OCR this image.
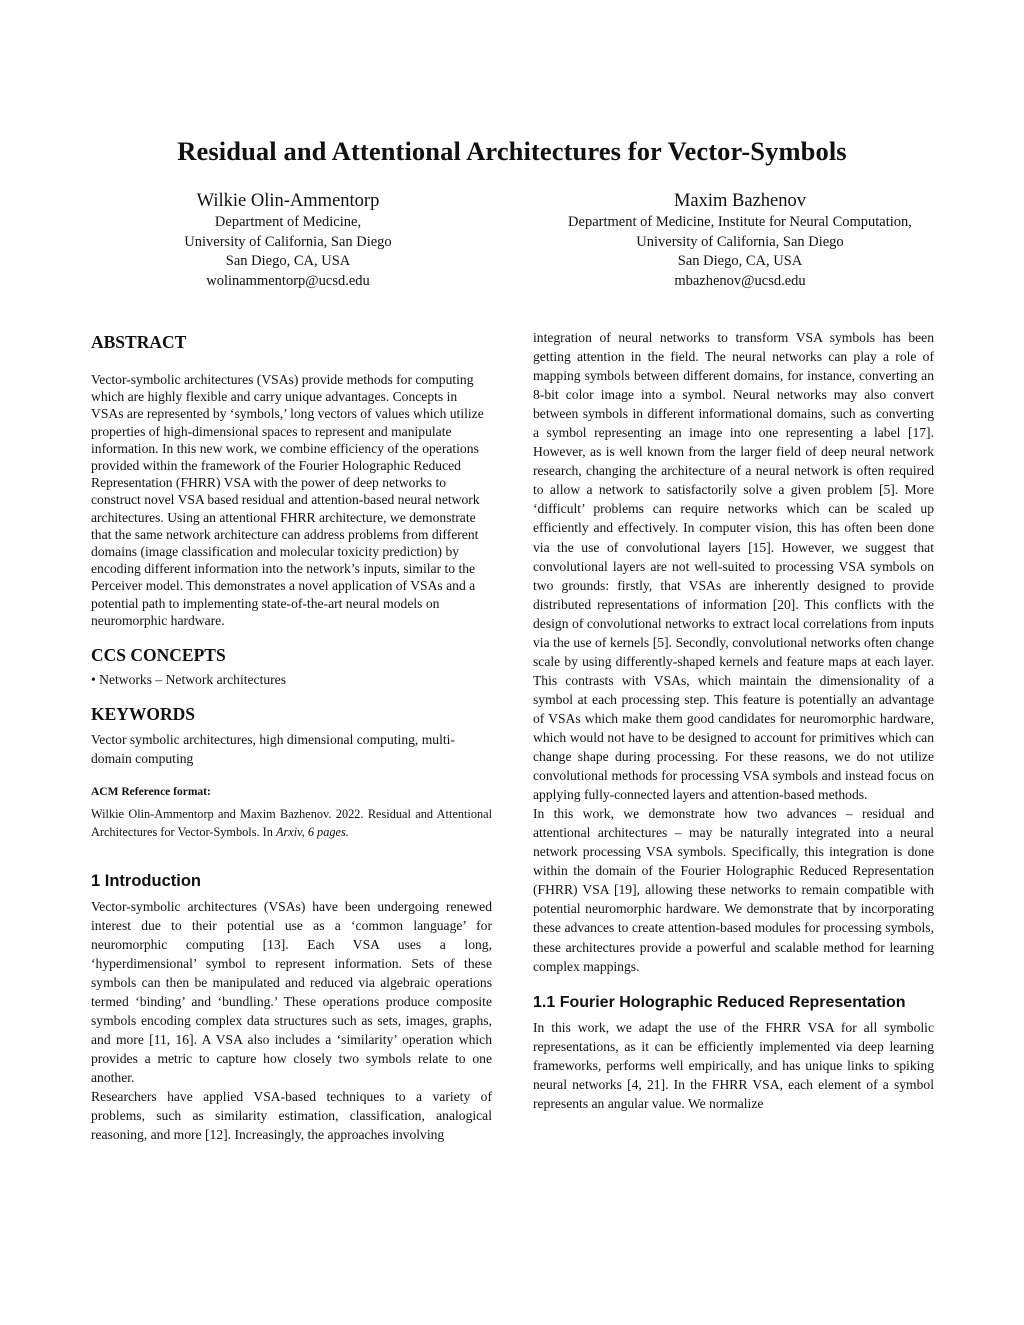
Residual and Attentional Architectures for Vector-Symbols
Wilkie Olin-Ammentorp
Department of Medicine,
University of California, San Diego
San Diego, CA, USA
wolinammentorp@ucsd.edu
Maxim Bazhenov
Department of Medicine, Institute for Neural Computation,
University of California, San Diego
San Diego, CA, USA
mbazhenov@ucsd.edu
ABSTRACT

Vector-symbolic architectures (VSAs) provide methods for computing which are highly flexible and carry unique advantages. Concepts in VSAs are represented by ‘symbols,’ long vectors of values which utilize properties of high-dimensional spaces to represent and manipulate information. In this new work, we combine efficiency of the operations provided within the framework of the Fourier Holographic Reduced Representation (FHRR) VSA with the power of deep networks to construct novel VSA based residual and attention-based neural network architectures. Using an attentional FHRR architecture, we demonstrate that the same network architecture can address problems from different domains (image classification and molecular toxicity prediction) by encoding different information into the network’s inputs, similar to the Perceiver model. This demonstrates a novel application of VSAs and a potential path to implementing state-of-the-art neural models on neuromorphic hardware.

CCS CONCEPTS

• Networks – Network architectures

KEYWORDS

Vector symbolic architectures, high dimensional computing, multi-domain computing

ACM Reference format:

Wilkie Olin-Ammentorp and Maxim Bazhenov. 2022. Residual and Attentional Architectures for Vector-Symbols. In Arxiv, 6 pages.

1 Introduction

Vector-symbolic architectures (VSAs) have been undergoing renewed interest due to their potential use as a ‘common language’ for neuromorphic computing [13]. Each VSA uses a long, ‘hyperdimensional’ symbol to represent information. Sets of these symbols can then be manipulated and reduced via algebraic operations termed ‘binding’ and ‘bundling.’ These operations produce composite symbols encoding complex data structures such as sets, images, graphs, and more [11, 16]. A VSA also includes a ‘similarity’ operation which provides a metric to capture how closely two symbols relate to one another.

Researchers have applied VSA-based techniques to a variety of problems, such as similarity estimation, classification, analogical reasoning, and more [12]. Increasingly, the approaches involving

integration of neural networks to transform VSA symbols has been getting attention in the field. The neural networks can play a role of mapping symbols between different domains, for instance, converting an 8-bit color image into a symbol. Neural networks may also convert between symbols in different informational domains, such as converting a symbol representing an image into one representing a label [17]. However, as is well known from the larger field of deep neural network research, changing the architecture of a neural network is often required to allow a network to satisfactorily solve a given problem [5]. More ‘difficult’ problems can require networks which can be scaled up efficiently and effectively. In computer vision, this has often been done via the use of convolutional layers [15]. However, we suggest that convolutional layers are not well-suited to processing VSA symbols on two grounds: firstly, that VSAs are inherently designed to provide distributed representations of information [20]. This conflicts with the design of convolutional networks to extract local correlations from inputs via the use of kernels [5]. Secondly, convolutional networks often change scale by using differently-shaped kernels and feature maps at each layer. This contrasts with VSAs, which maintain the dimensionality of a symbol at each processing step. This feature is potentially an advantage of VSAs which make them good candidates for neuromorphic hardware, which would not have to be designed to account for primitives which can change shape during processing. For these reasons, we do not utilize convolutional methods for processing VSA symbols and instead focus on applying fully-connected layers and attention-based methods.

In this work, we demonstrate how two advances – residual and attentional architectures – may be naturally integrated into a neural network processing VSA symbols. Specifically, this integration is done within the domain of the Fourier Holographic Reduced Representation (FHRR) VSA [19], allowing these networks to remain compatible with potential neuromorphic hardware. We demonstrate that by incorporating these advances to create attention-based modules for processing symbols, these architectures provide a powerful and scalable method for learning complex mappings.

1.1 Fourier Holographic Reduced Representation

In this work, we adapt the use of the FHRR VSA for all symbolic representations, as it can be efficiently implemented via deep learning frameworks, performs well empirically, and has unique links to spiking neural networks [4, 21]. In the FHRR VSA, each element of a symbol represents an angular value. We normalize
